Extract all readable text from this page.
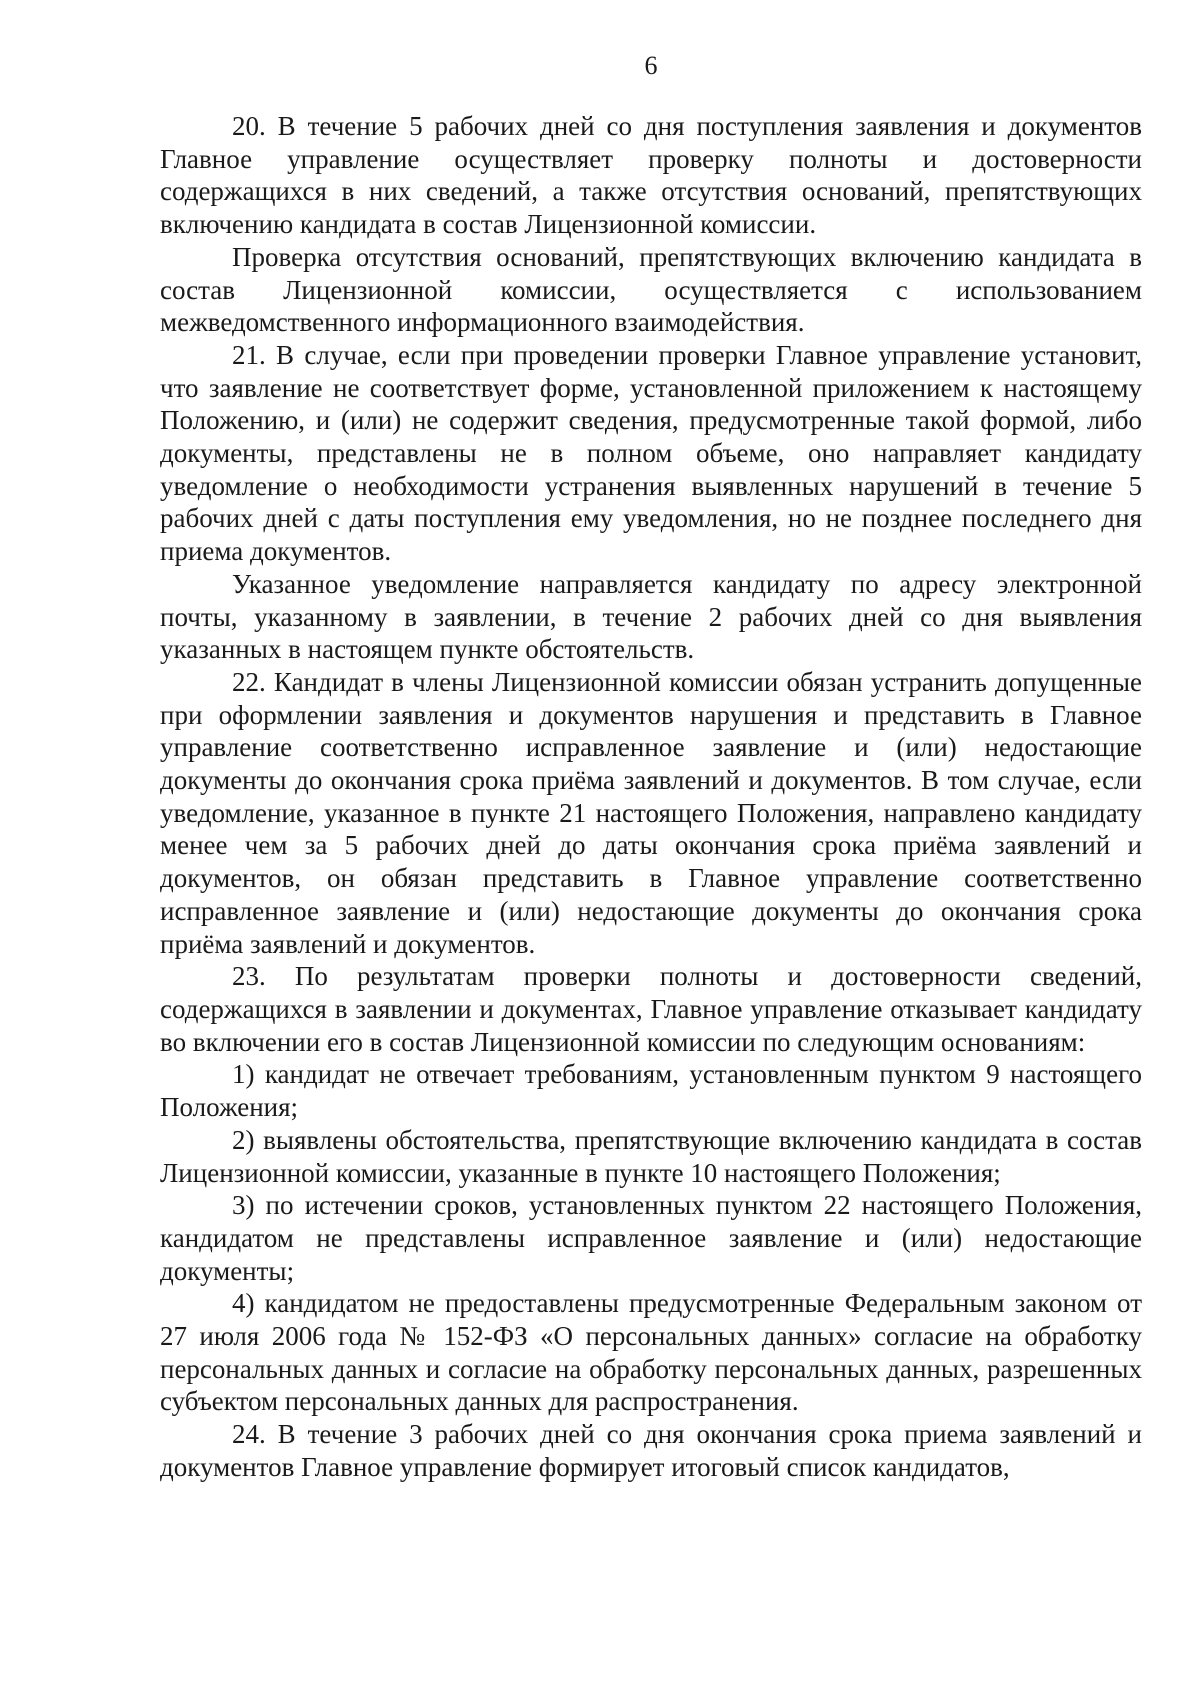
6

20. В течение 5 рабочих дней со дня поступления заявления и документов Главное управление осуществляет проверку полноты и достоверности содержащихся в них сведений, а также отсутствия оснований, препятствующих включению кандидата в состав Лицензионной комиссии.

Проверка отсутствия оснований, препятствующих включению кандидата в состав Лицензионной комиссии, осуществляется с использованием межведомственного информационного взаимодействия.

21. В случае, если при проведении проверки Главное управление установит, что заявление не соответствует форме, установленной приложением к настоящему Положению, и (или) не содержит сведения, предусмотренные такой формой, либо документы, представлены не в полном объеме, оно направляет кандидату уведомление о необходимости устранения выявленных нарушений в течение 5 рабочих дней с даты поступления ему уведомления, но не позднее последнего дня приема документов.

Указанное уведомление направляется кандидату по адресу электронной почты, указанному в заявлении, в течение 2 рабочих дней со дня выявления указанных в настоящем пункте обстоятельств.

22. Кандидат в члены Лицензионной комиссии обязан устранить допущенные при оформлении заявления и документов нарушения и представить в Главное управление соответственно исправленное заявление и (или) недостающие документы до окончания срока приёма заявлений и документов. В том случае, если уведомление, указанное в пункте 21 настоящего Положения, направлено кандидату менее чем за 5 рабочих дней до даты окончания срока приёма заявлений и документов, он обязан представить в Главное управление соответственно исправленное заявление и (или) недостающие документы до окончания срока приёма заявлений и документов.

23. По результатам проверки полноты и достоверности сведений, содержащихся в заявлении и документах, Главное управление отказывает кандидату во включении его в состав Лицензионной комиссии по следующим основаниям:

1) кандидат не отвечает требованиям, установленным пунктом 9 настоящего Положения;

2) выявлены обстоятельства, препятствующие включению кандидата в состав Лицензионной комиссии, указанные в пункте 10 настоящего Положения;

3) по истечении сроков, установленных пунктом 22 настоящего Положения, кандидатом не представлены исправленное заявление и (или) недостающие документы;

4) кандидатом не предоставлены предусмотренные Федеральным законом от 27 июля 2006 года № 152-ФЗ «О персональных данных» согласие на обработку персональных данных и согласие на обработку персональных данных, разрешенных субъектом персональных данных для распространения.

24. В течение 3 рабочих дней со дня окончания срока приема заявлений и документов Главное управление формирует итоговый список кандидатов,
